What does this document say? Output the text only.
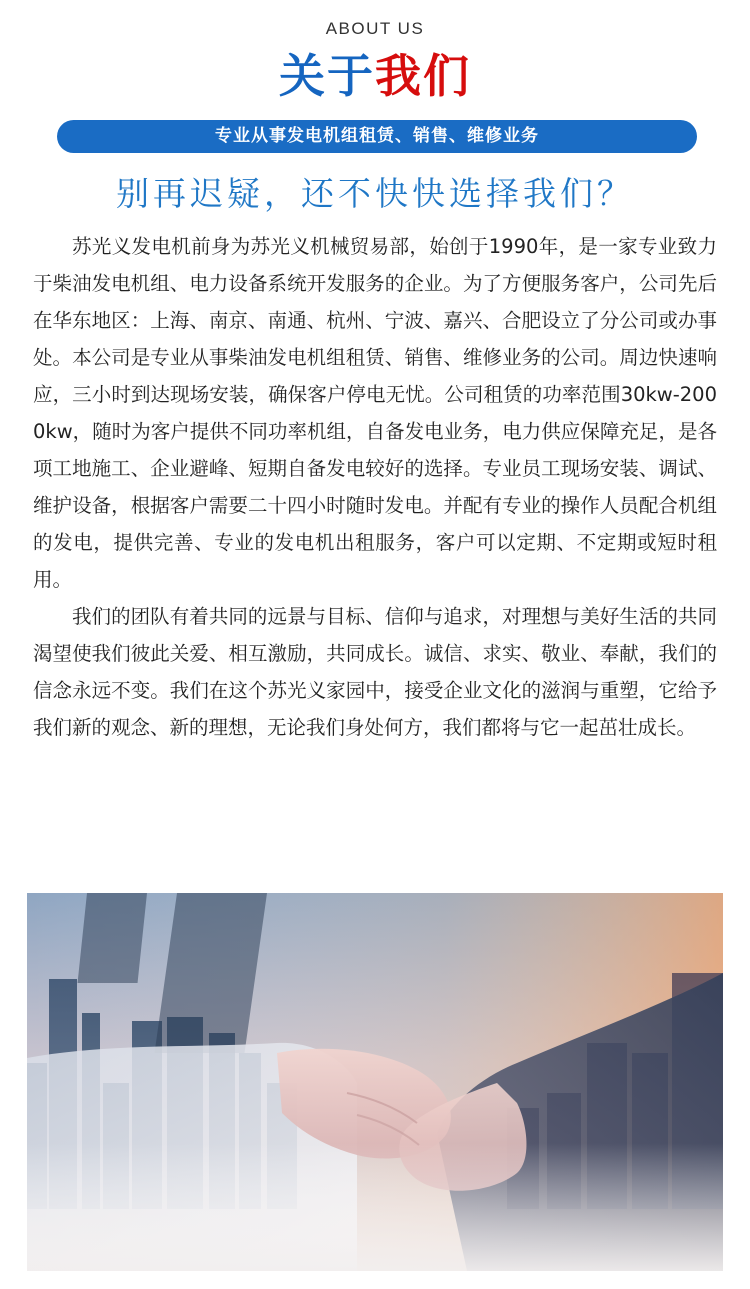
ABOUT US
关于我们
专业从事发电机组租赁、销售、维修业务
别再迟疑，还不快快选择我们？

苏光义发电机前身为苏光义机械贸易部，始创于1990年，是一家专业致力于柴油发电机组、电力设备系统开发服务的企业。为了方便服务客户，公司先后在华东地区：上海、南京、南通、杭州、宁波、嘉兴、合肥设立了分公司或办事处。本公司是专业从事柴油发电机组租赁、销售、维修业务的公司。周边快速响应，三小时到达现场安装，确保客户停电无忧。公司租赁的功率范围30kw-2000kw，随时为客户提供不同功率机组，自备发电业务，电力供应保障充足，是各项工地施工、企业避峰、短期自备发电较好的选择。专业员工现场安装、调试、维护设备，根据客户需要二十四小时随时发电。并配有专业的操作人员配合机组的发电，提供完善、专业的发电机出租服务，客户可以定期、不定期或短时租用。

我们的团队有着共同的远景与目标、信仰与追求，对理想与美好生活的共同渴望使我们彼此关爱、相互激励，共同成长。诚信、求实、敬业、奉献，我们的信念永远不变。我们在这个苏光义家园中，接受企业文化的滋润与重塑，它给予我们新的观念、新的理想，无论我们身处何方，我们都将与它一起茁壮成长。
